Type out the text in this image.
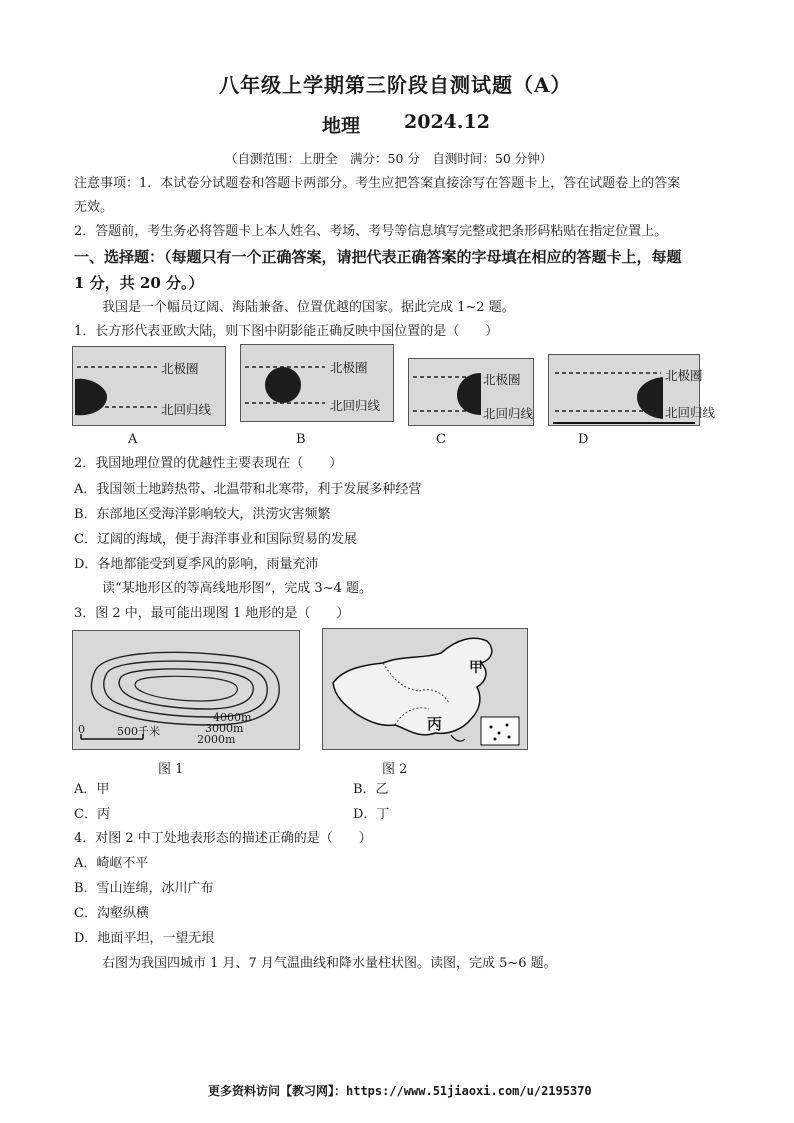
八年级上学期第三阶段自测试题（A）
地理 2024.12
（自测范围：上册全　满分：50 分　自测时间：50 分钟）
注意事项：1．本试卷分试题卷和答题卡两部分。考生应把答案直接涂写在答题卡上，答在试题卷上的答案
无效。
2．答题前，考生务必将答题卡上本人姓名、考场、考号等信息填写完整或把条形码粘贴在指定位置上。
一、选择题：（每题只有一个正确答案，请把代表正确答案的字母填在相应的答题卡上，每题
1 分，共 20 分。）
我国是一个幅员辽阔、海陆兼备、位置优越的国家。据此完成 1~2 题。
1．长方形代表亚欧大陆，则下图中阴影能正确反映中国位置的是（　　）
北极圈
北回归线
北极圈
北回归线
北极圈
北回归线
北极圈
北回归线
A	B	C	D
2．我国地理位置的优越性主要表现在（　　）
A．我国领土地跨热带、北温带和北寒带，利于发展多种经营
B．东部地区受海洋影响较大，洪涝灾害频繁
C．辽阔的海域，便于海洋事业和国际贸易的发展
D．各地都能受到夏季风的影响，雨量充沛
读“某地形区的等高线地形图”，完成 3~4 题。
3．图 2 中，最可能出现图 1 地形的是（　　）
4000m
3000m
2000m
0	500千米
甲
丙
图 1	图 2
A．甲	B．乙
C．丙	D．丁
4．对图 2 中丁处地表形态的描述正确的是（　　）
A．崎岖不平
B．雪山连绵，冰川广布
C．沟壑纵横
D．地面平坦，一望无垠
右图为我国四城市 1 月、7 月气温曲线和降水量柱状图。读图，完成 5~6 题。
更多资料访问【教习网】：https://www.51jiaoxi.com/u/2195370
